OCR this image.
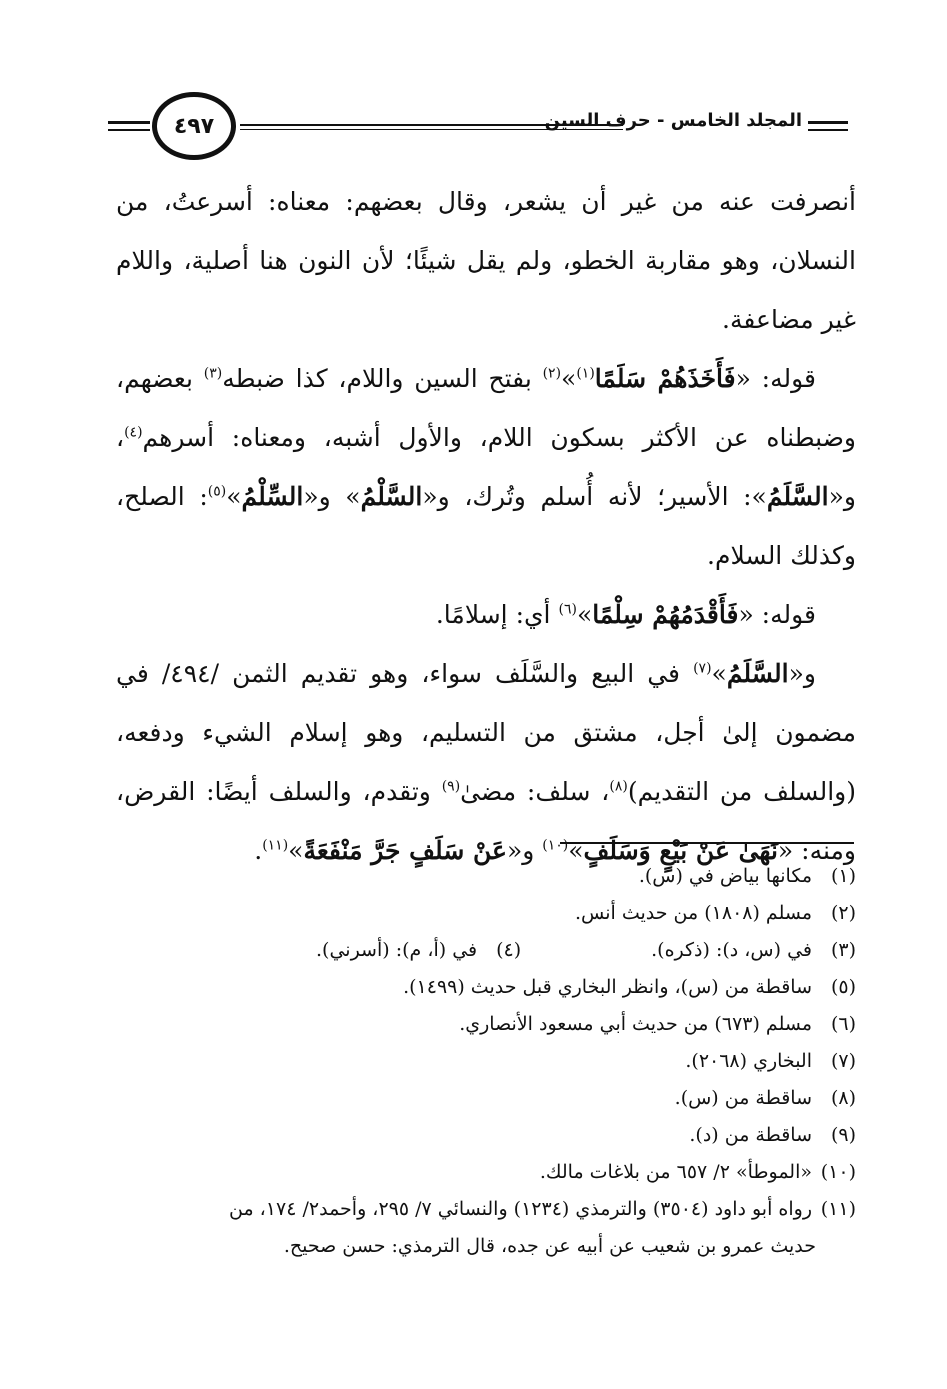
٤٩٧	المجلد الخامس - حرف السين

أنصرفت عنه من غير أن يشعر، وقال بعضهم: معناه: أسرعتُ، من النسلان، وهو مقاربة الخطو، ولم يقل شيئًا؛ لأن النون هنا أصلية، واللام غير مضاعفة.

قوله: «فَأَخَذَهُمْ سَلَمًا$^{(١)}$»$^{(٢)}$ بفتح السين واللام، كذا ضبطه$^{(٣)}$ بعضهم، وضبطناه عن الأكثر بسكون اللام، والأول أشبه، ومعناه: أسرهم$^{(٤)}$، و«السَّلَمُ»: الأسير؛ لأنه أُسلم وتُرك، و«السَّلْمُ» و«السِّلْمُ»$^{(٥)}$: الصلح، وكذلك السلام.

قوله: «فَأَقْدَمُهُمْ سِلْمًا»$^{(٦)}$ أي: إسلامًا.

و«السَّلَمُ»$^{(٧)}$ في البيع والسَّلَف سواء، وهو تقديم الثمن /٤٩٤/ في مضمون إلىٰ أجل، مشتق من التسليم، وهو إسلام الشيء ودفعه، (والسلف من التقديم)$^{(٨)}$، سلف: مضىٰ$^{(٩)}$ وتقدم، والسلف أيضًا: القرض، ومنه: «نَهَىٰ عَنْ بَيْعٍ وَسَلَفٍ»$^{(١٠)}$ و«عَنْ سَلَفٍ جَرَّ مَنْفَعَةً»$^{(١١)}$.

(١)مكانها بياض في (س).

(٢)مسلم (١٨٠٨) من حديث أنس.

(٣)في (س، د): (ذكره).(٤)في (أ، م): (أسرني).

(٥)ساقطة من (س)، وانظر البخاري قبل حديث (١٤٩٩).

(٦)مسلم (٦٧٣) من حديث أبي مسعود الأنصاري.

(٧)البخاري (٢٠٦٨).

(٨)ساقطة من (س).

(٩)ساقطة من (د).

(١٠)«الموطأ» ٢/ ٦٥٧ من بلاغات مالك.

(١١)رواه أبو داود (٣٥٠٤) والترمذي (١٢٣٤) والنسائي ٧/ ٢٩٥، وأحمد٢/ ١٧٤، من
حديث عمرو بن شعيب عن أبيه عن جده، قال الترمذي: حسن صحيح.
